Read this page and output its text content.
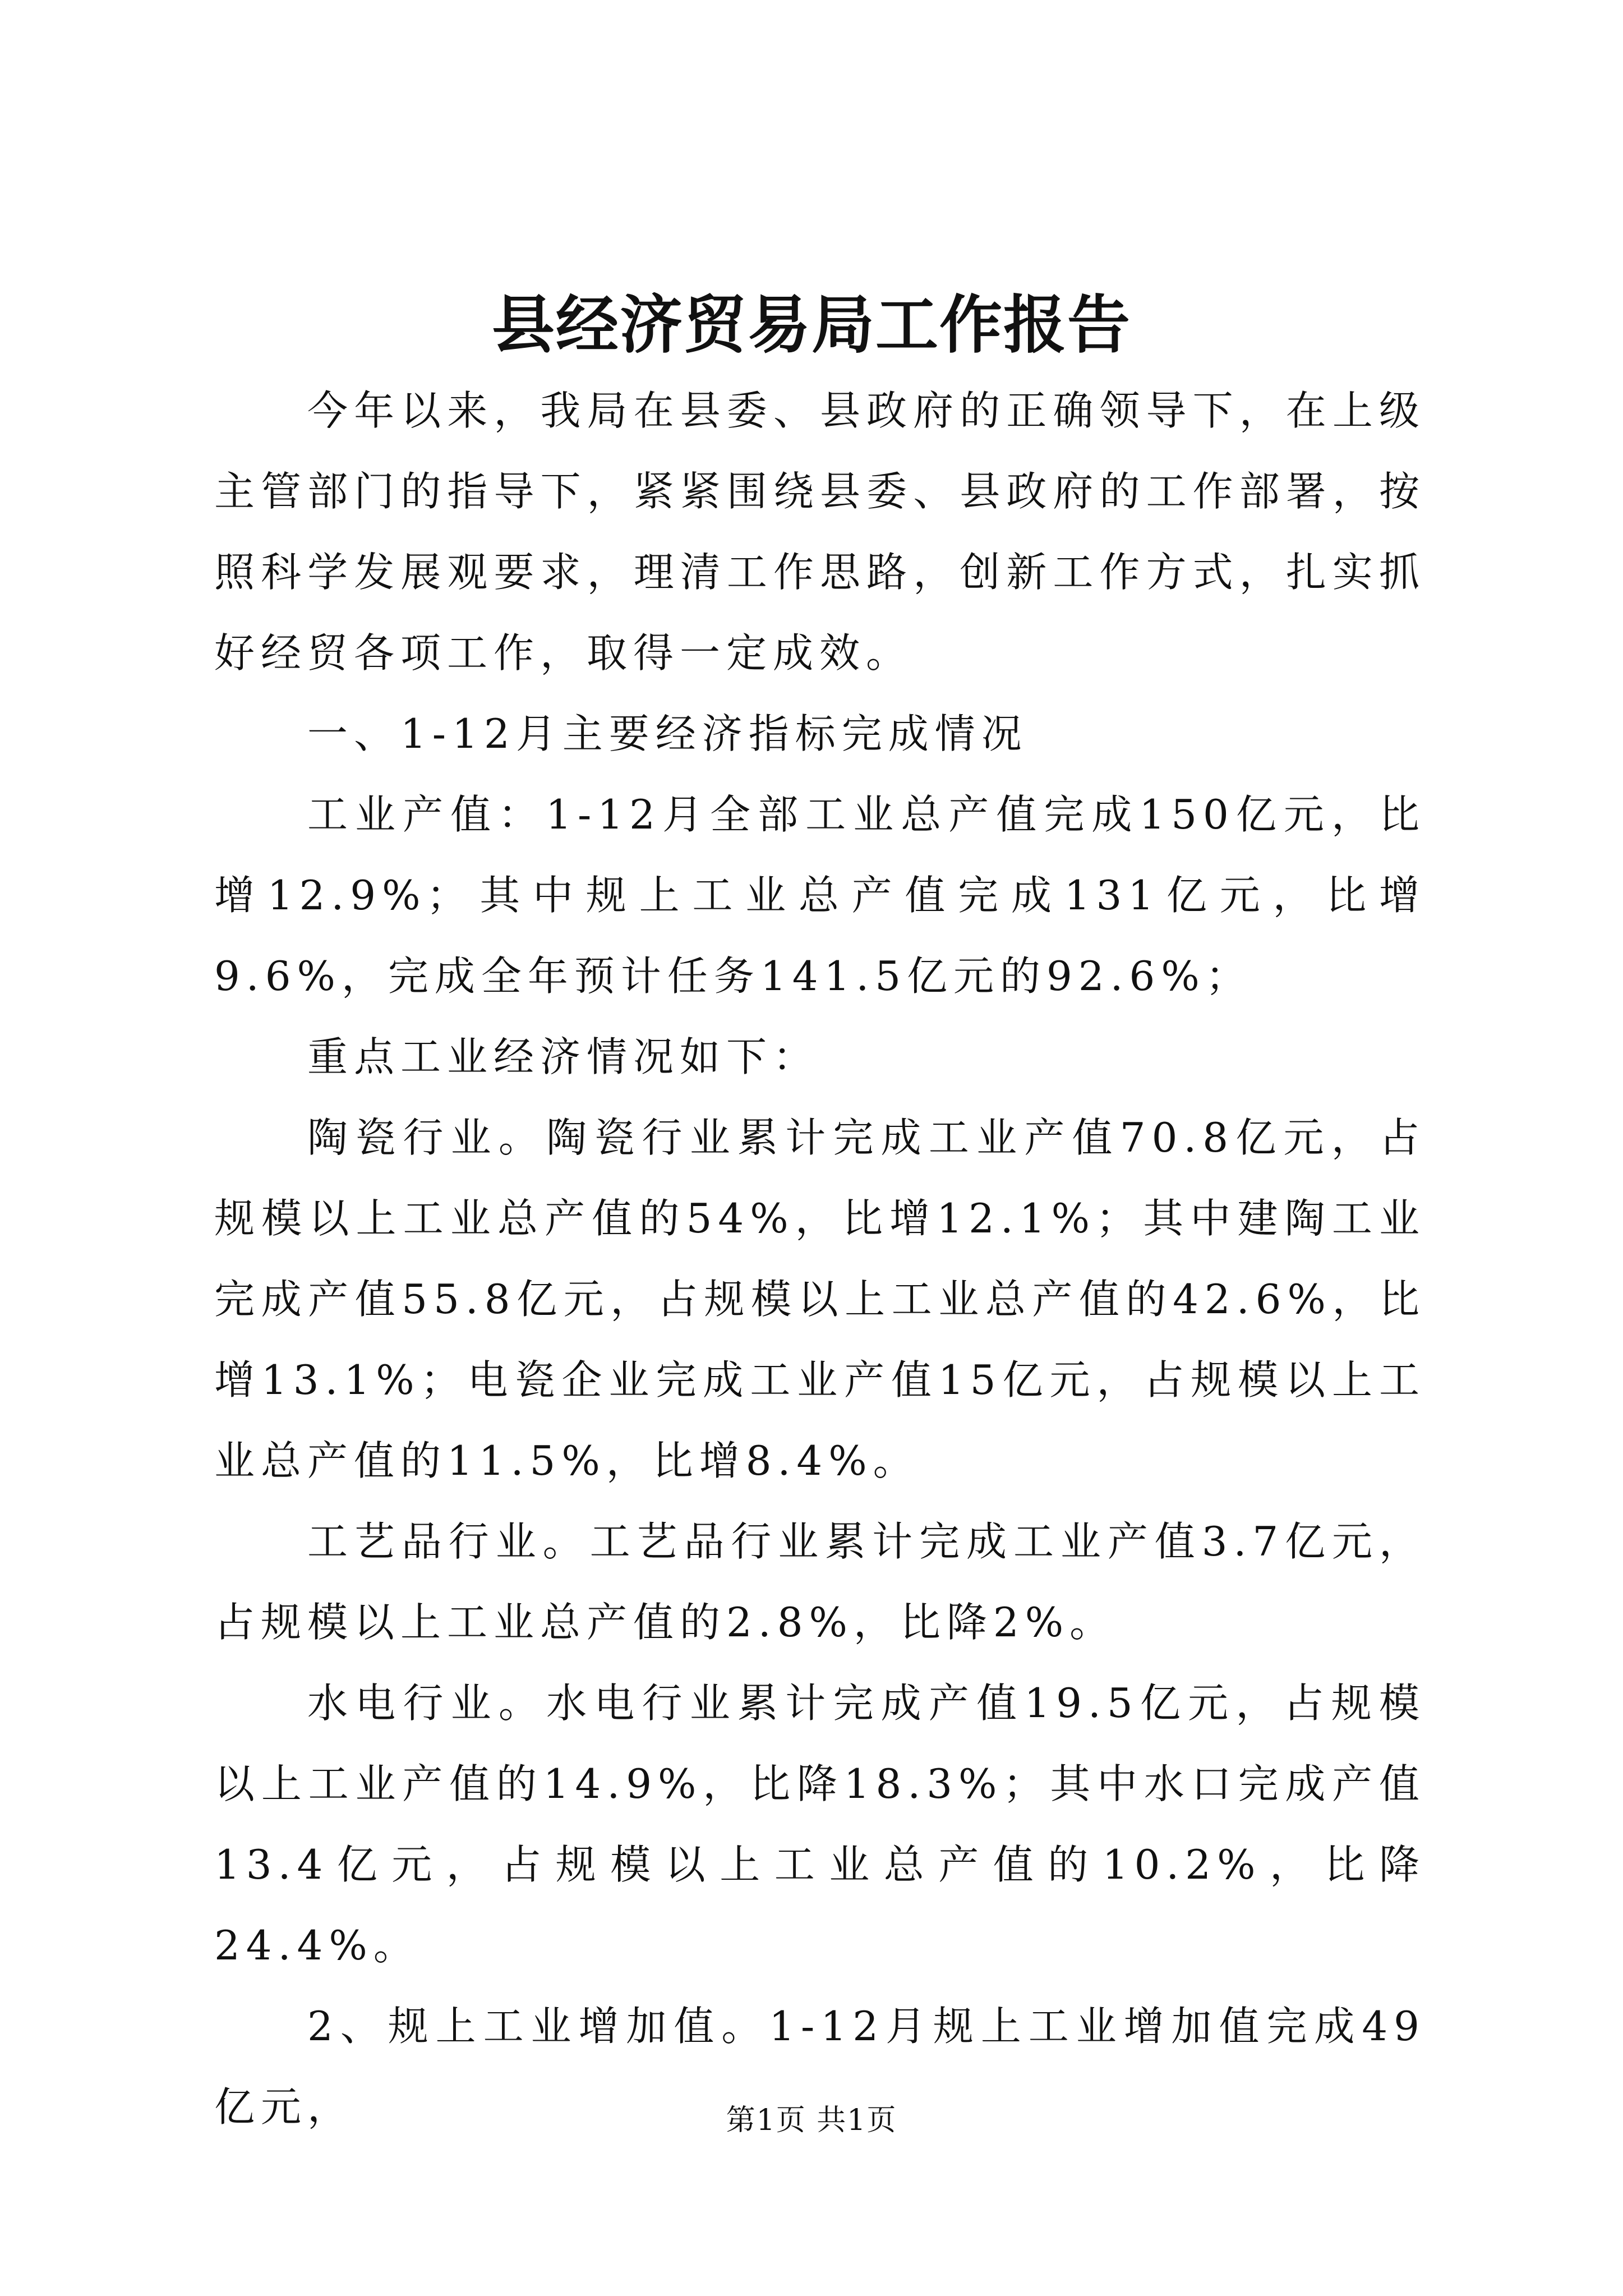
县经济贸易局工作报告

今年以来，我局在县委、县政府的正确领导下，在上级主管部门的指导下，紧紧围绕县委、县政府的工作部署，按照科学发展观要求，理清工作思路，创新工作方式，扎实抓好经贸各项工作，取得一定成效。

一、1-12月主要经济指标完成情况

工业产值：1-12月全部工业总产值完成150亿元，比增12.9%；其中规上工业总产值完成131亿元，比增9.6%，完成全年预计任务141.5亿元的92.6%；

重点工业经济情况如下：

陶瓷行业。陶瓷行业累计完成工业产值70.8亿元，占规模以上工业总产值的54%，比增12.1%；其中建陶工业完成产值55.8亿元，占规模以上工业总产值的42.6%，比增13.1%；电瓷企业完成工业产值15亿元，占规模以上工业总产值的11.5%，比增8.4%。

工艺品行业。工艺品行业累计完成工业产值3.7亿元，占规模以上工业总产值的2.8%，比降2%。

水电行业。水电行业累计完成产值19.5亿元，占规模以上工业产值的14.9%，比降18.3%；其中水口完成产值13.4亿元，占规模以上工业总产值的10.2%，比降24.4%。

2、规上工业增加值。1-12月规上工业增加值完成49亿元，	第1页 共1页
